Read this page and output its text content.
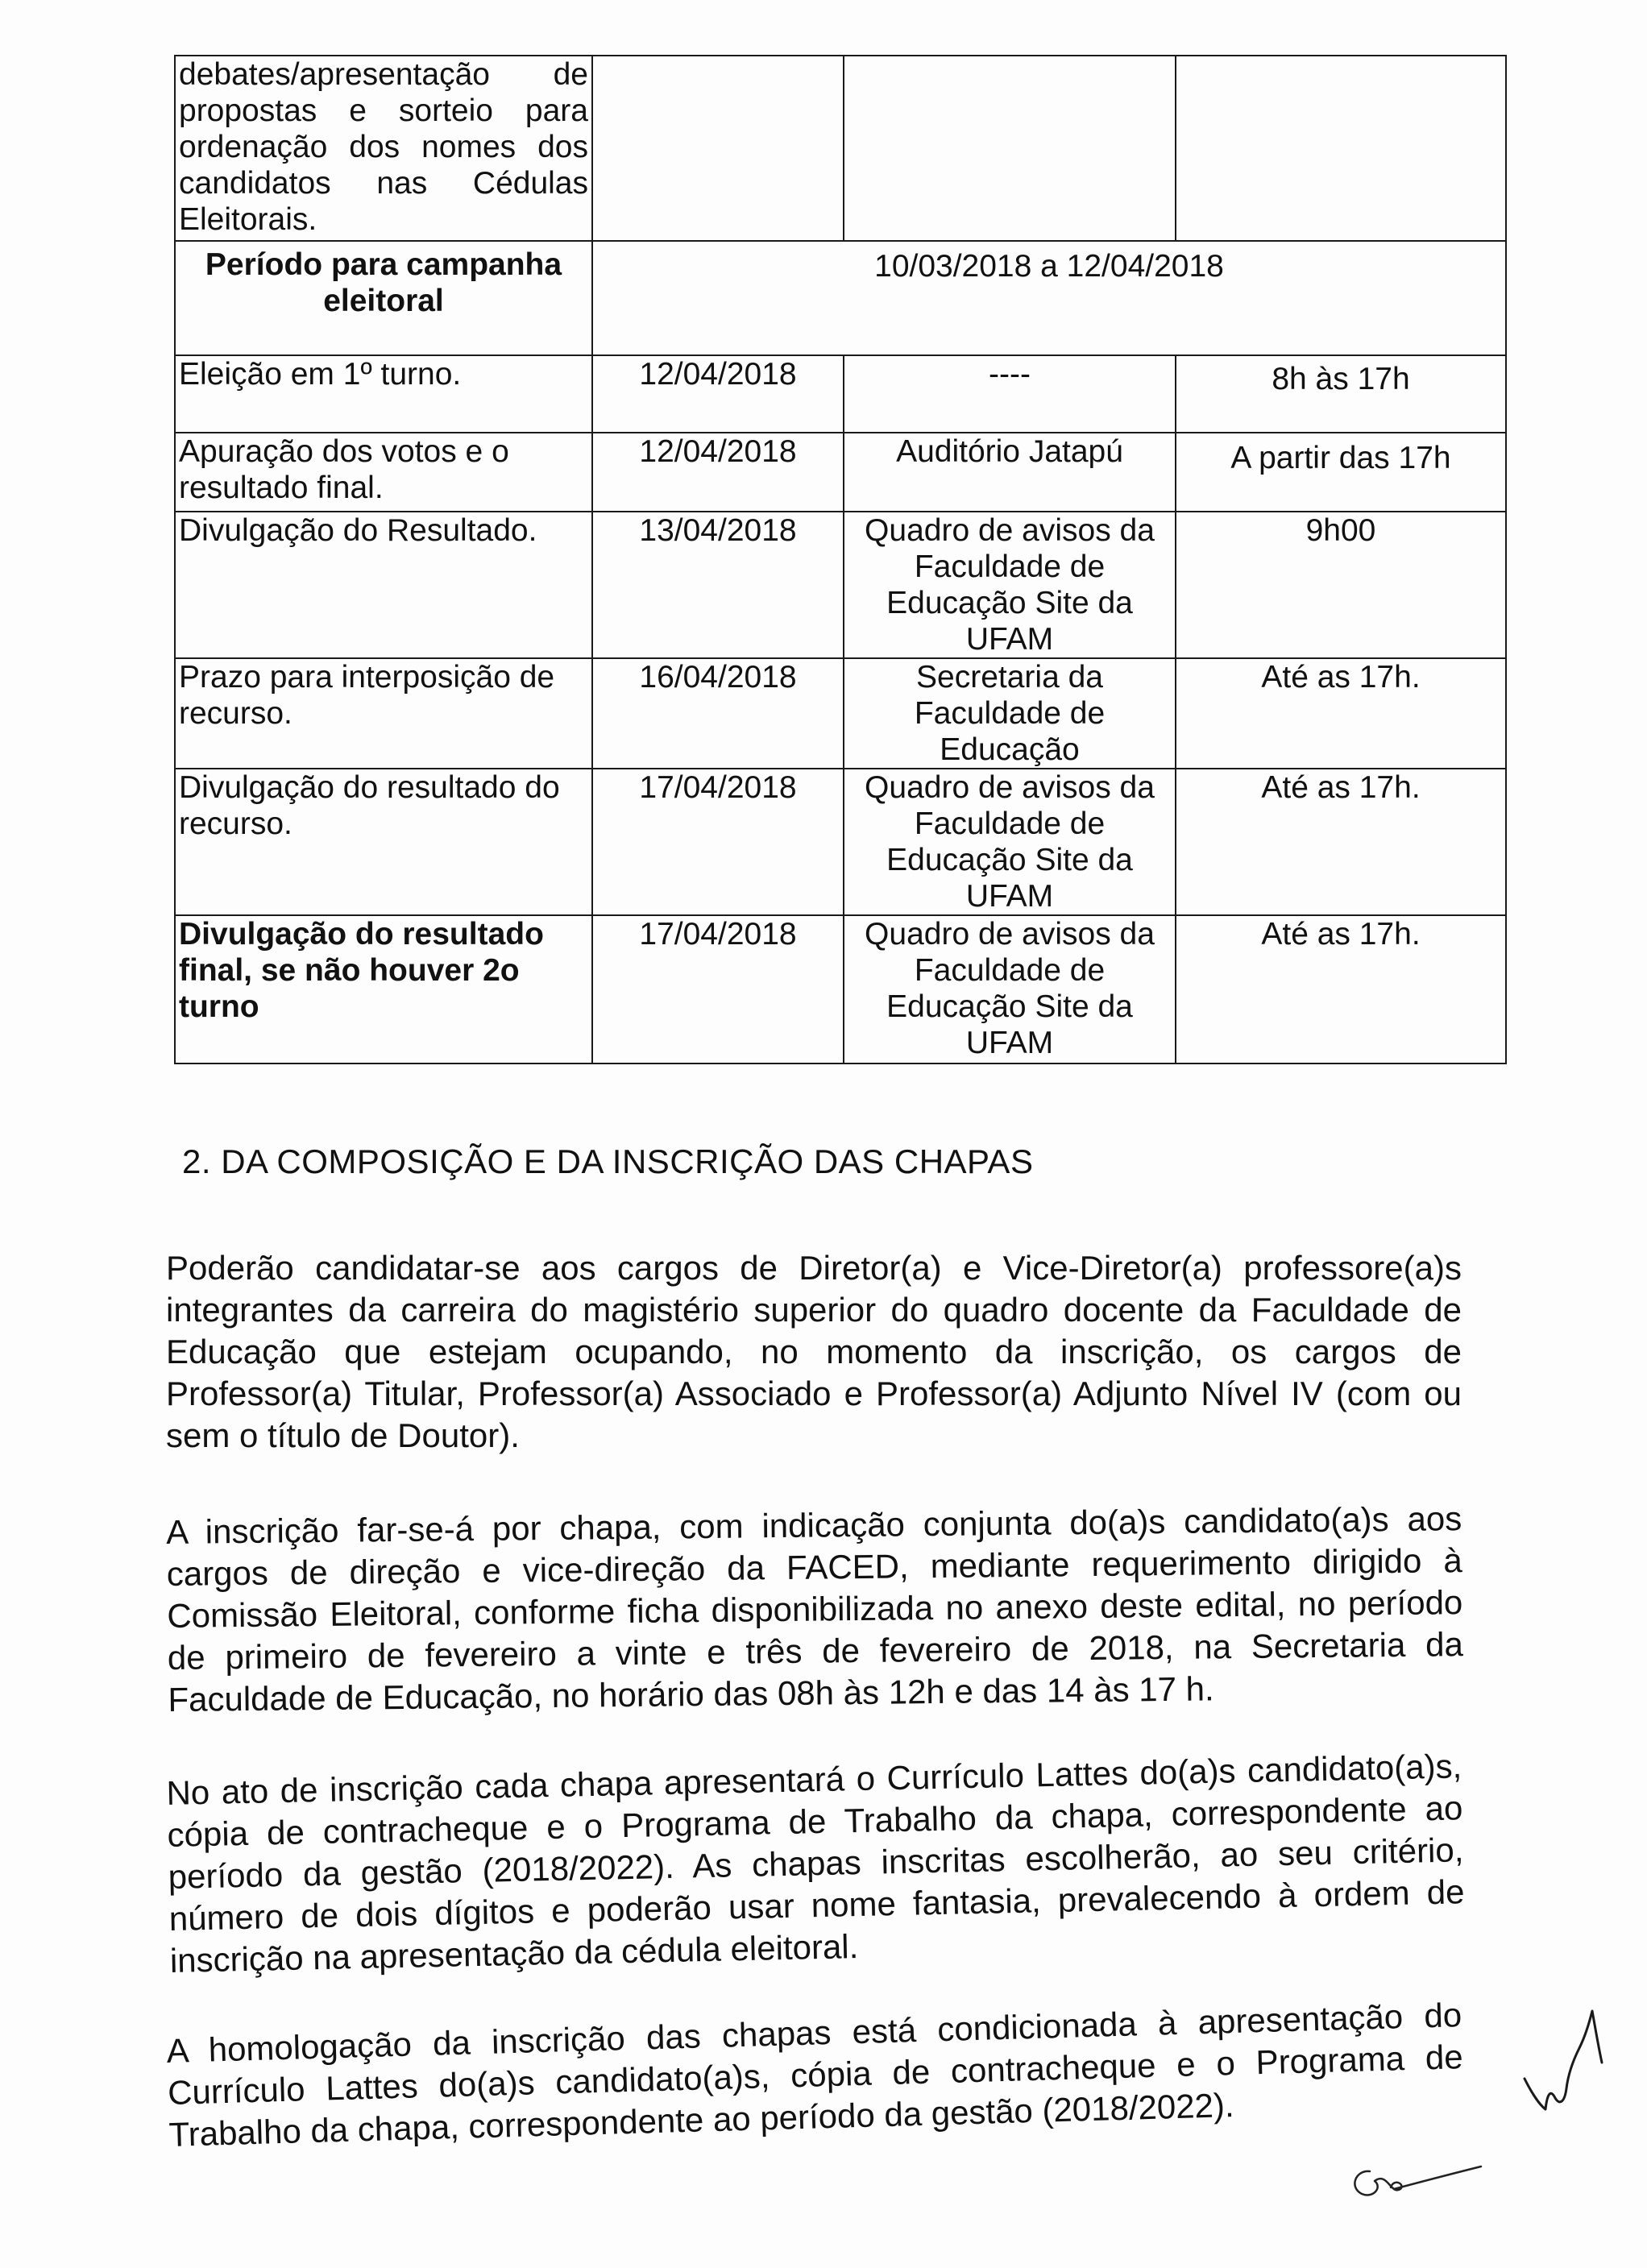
debates/apresentação de propostas e sorteio para ordenação dos nomes dos candidatos nas Cédulas Eleitorais.			
Período para campanha eleitoral	10/03/2018 a 12/04/2018		
Eleição em 1º turno.	12/04/2018	----	8h às 17h
Apuração dos votos e o resultado final.	12/04/2018	Auditório Jatapú	A partir das 17h
Divulgação do Resultado.	13/04/2018	Quadro de avisos da Faculdade de Educação Site da UFAM	9h00
Prazo para interposição de recurso.	16/04/2018	Secretaria da Faculdade de Educação	Até as 17h.
Divulgação do resultado do recurso.	17/04/2018	Quadro de avisos da Faculdade de Educação Site da UFAM	Até as 17h.
Divulgação do resultado final, se não houver 2o turno	17/04/2018	Quadro de avisos da Faculdade de Educação Site da UFAM	Até as 17h.
2. DA COMPOSIÇÃO E DA INSCRIÇÃO DAS CHAPAS

Poderão candidatar-se aos cargos de Diretor(a) e Vice-Diretor(a) professore(a)s integrantes da carreira do magistério superior do quadro docente da Faculdade de Educação que estejam ocupando, no momento da inscrição, os cargos de Professor(a) Titular, Professor(a) Associado e Professor(a) Adjunto Nível IV (com ou sem o título de Doutor).

A inscrição far-se-á por chapa, com indicação conjunta do(a)s candidato(a)s aos cargos de direção e vice-direção da FACED, mediante requerimento dirigido à Comissão Eleitoral, conforme ficha disponibilizada no anexo deste edital, no período de primeiro de fevereiro a vinte e três de fevereiro de 2018, na Secretaria da Faculdade de Educação, no horário das 08h às 12h e das 14 às 17 h.

No ato de inscrição cada chapa apresentará o Currículo Lattes do(a)s candidato(a)s, cópia de contracheque e o Programa de Trabalho da chapa, correspondente ao período da gestão (2018/2022). As chapas inscritas escolherão, ao seu critério, número de dois dígitos e poderão usar nome fantasia, prevalecendo à ordem de inscrição na apresentação da cédula eleitoral.

A homologação da inscrição das chapas está condicionada à apresentação do Currículo Lattes do(a)s candidato(a)s, cópia de contracheque e o Programa de Trabalho da chapa, correspondente ao período da gestão (2018/2022).
